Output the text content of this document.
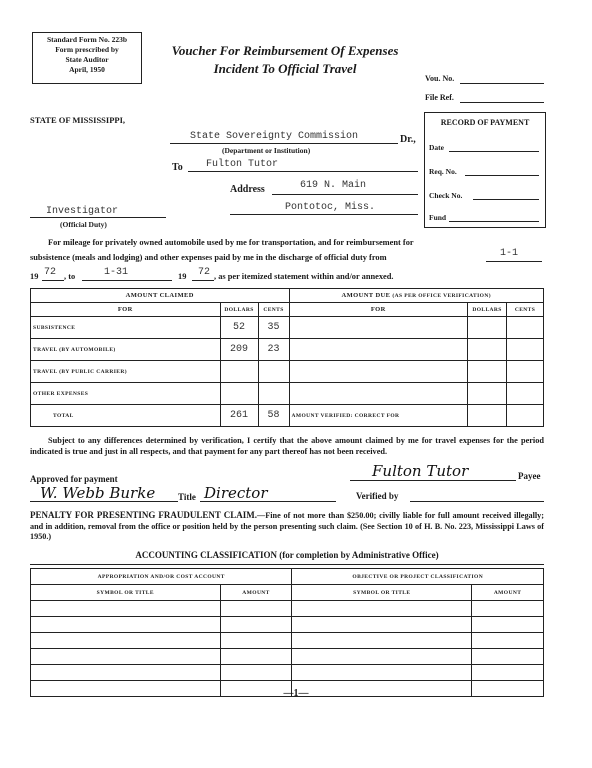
Standard Form No. 223b
Form prescribed by
State Auditor
April, 1950
Voucher For Reimbursement Of Expenses
Incident To Official Travel
Vou. No.
File Ref.
STATE OF MISSISSIPPI,
State Sovereignty Commission	Dr.,
(Department or Institution)
To Fulton Tutor
Address	619 N. Main
Pontotoc, Miss.
Investigator
(Official Duty)
RECORD OF PAYMENT
Date
Req. No.
Check No.
Fund
For mileage for privately owned automobile used by me for transportation, and for reimbursement for
subsistence (meals and lodging) and other expenses paid by me in the discharge of official duty from	1-1
19 72 , to	1-31	19 72 , as per itemized statement within and/or annexed.
AMOUNT CLAIMED			AMOUNT DUE (AS PER OFFICE VERIFICATION)		
FOR	DOLLARS	CENTS	FOR	DOLLARS	CENTS
SUBSISTENCE	52	35			
TRAVEL (BY AUTOMOBILE)	209	23			
TRAVEL (BY PUBLIC CARRIER)					
OTHER EXPENSES					
TOTAL	261	58	AMOUNT VERIFIED: CORRECT FOR		
Subject to any differences determined by verification, I certify that the above amount claimed by me for travel expenses for the period indicated is true and just in all respects, and that payment for any part thereof has not been received.
Approved for payment
W. Webb Burke	Title Director
Fulton Tutor	Payee
Verified by
PENALTY FOR PRESENTING FRAUDULENT CLAIM.—Fine of not more than $250.00; civilly liable for full amount received illegally; and in addition, removal from the office or position held by the person presenting such claim. (See Section 10 of H. B. No. 223, Mississippi Laws of 1950.)
ACCOUNTING CLASSIFICATION (for completion by Administrative Office)
APPROPRIATION AND/OR COST ACCOUNT		OBJECTIVE OR PROJECT CLASSIFICATION	
SYMBOL OR TITLE	AMOUNT	SYMBOL OR TITLE	AMOUNT

—1—
